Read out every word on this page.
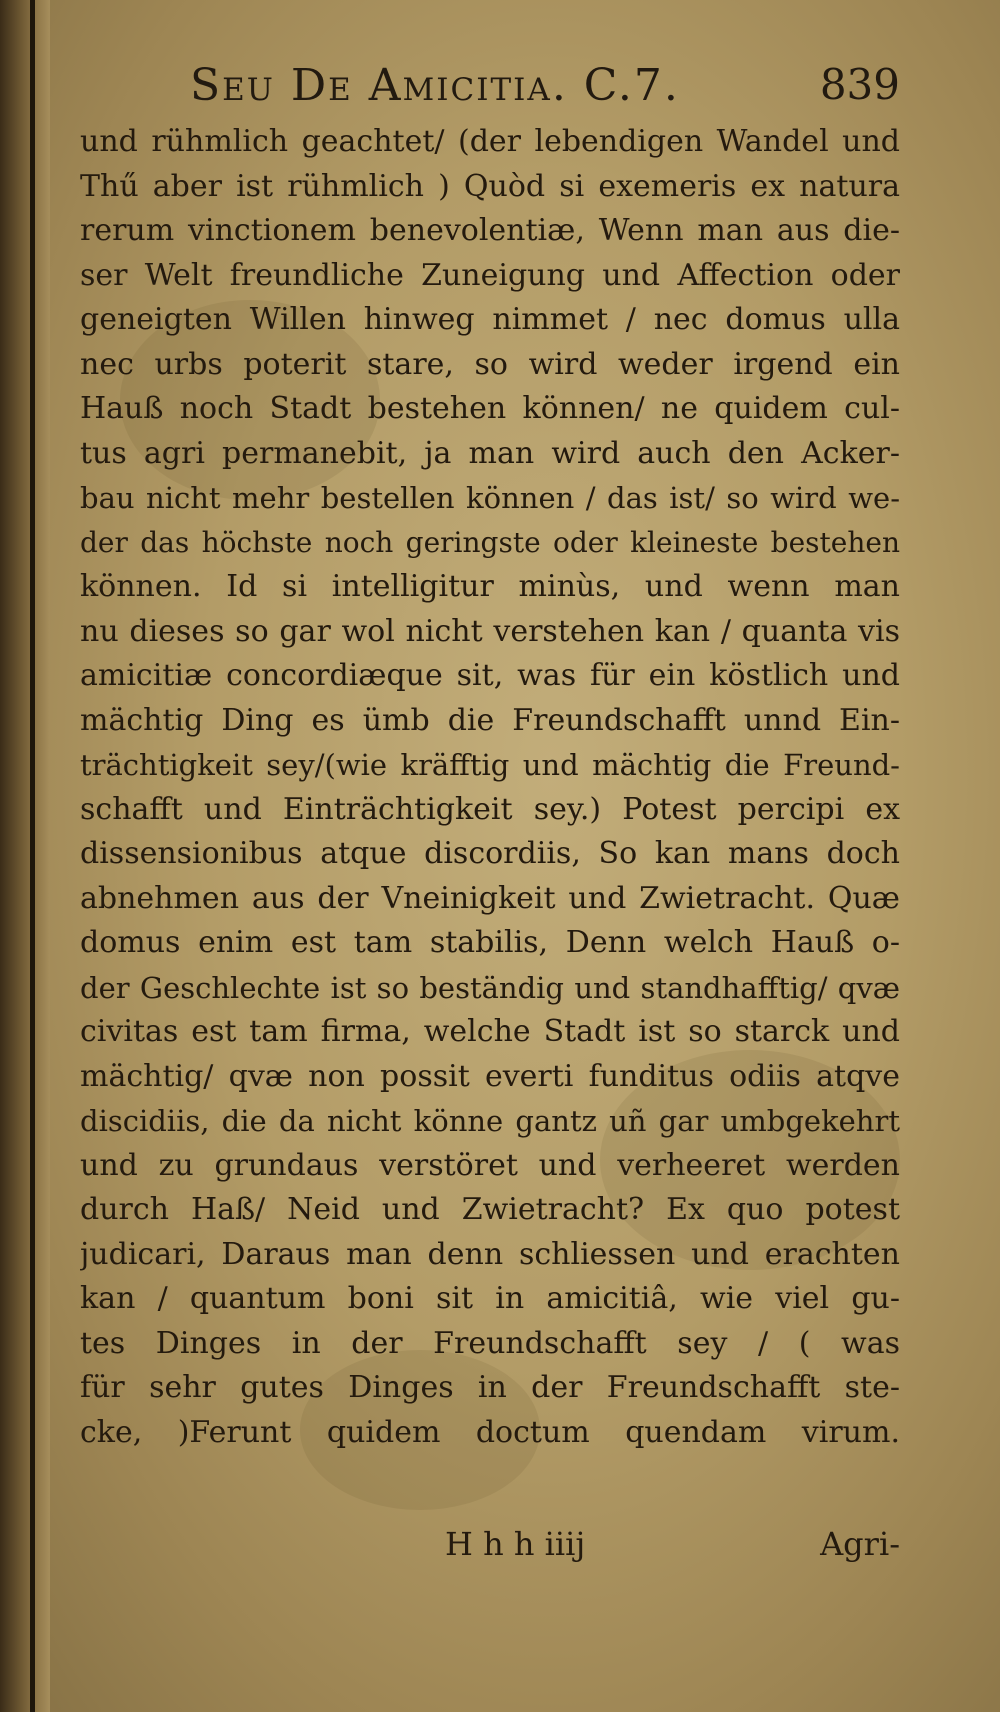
Seu De Amicitia. C.7.	839
und rühmlich geachtet/ (der lebendigen Wandel und
Thű aber ist rühmlich ) Quòd si exemeris ex natura
rerum vinctionem benevolentiæ, Wenn man aus die-
ser Welt freundliche Zuneigung und Affection oder
geneigten Willen hinweg nimmet / nec domus ulla
nec urbs poterit stare, so wird weder irgend ein
Hauß noch Stadt bestehen können/ ne quidem cul-
tus agri permanebit, ja man wird auch den Acker-
bau nicht mehr bestellen können / das ist/ so wird we-
der das höchste noch geringste oder kleineste bestehen
können. Id si intelligitur minùs, und wenn man
nu dieses so gar wol nicht verstehen kan / quanta vis
amicitiæ concordiæque sit, was für ein köstlich und
mächtig Ding es ümb die Freundschafft unnd Ein-
trächtigkeit sey/(wie kräfftig und mächtig die Freund-
schafft und Einträchtigkeit sey.) Potest percipi ex
dissensionibus atque discordiis, So kan mans doch
abnehmen aus der Vneinigkeit und Zwietracht. Quæ
domus enim est tam stabilis, Denn welch Hauß o-
der Geschlechte ist so beständig und standhafftig/ qvæ
civitas est tam firma, welche Stadt ist so starck und
mächtig/ qvæ non possit everti funditus odiis atqve
discidiis, die da nicht könne gantz uñ gar umbgekehrt
und zu grundaus verstöret und verheeret werden
durch Haß/ Neid und Zwietracht? Ex quo potest
judicari, Daraus man denn schliessen und erachten
kan / quantum boni sit in amicitiâ, wie viel gu-
tes Dinges in der Freundschafft sey / ( was
für sehr gutes Dinges in der Freundschafft ste-
cke, )Ferunt quidem doctum quendam virum.
H h h iiij	Agri-
